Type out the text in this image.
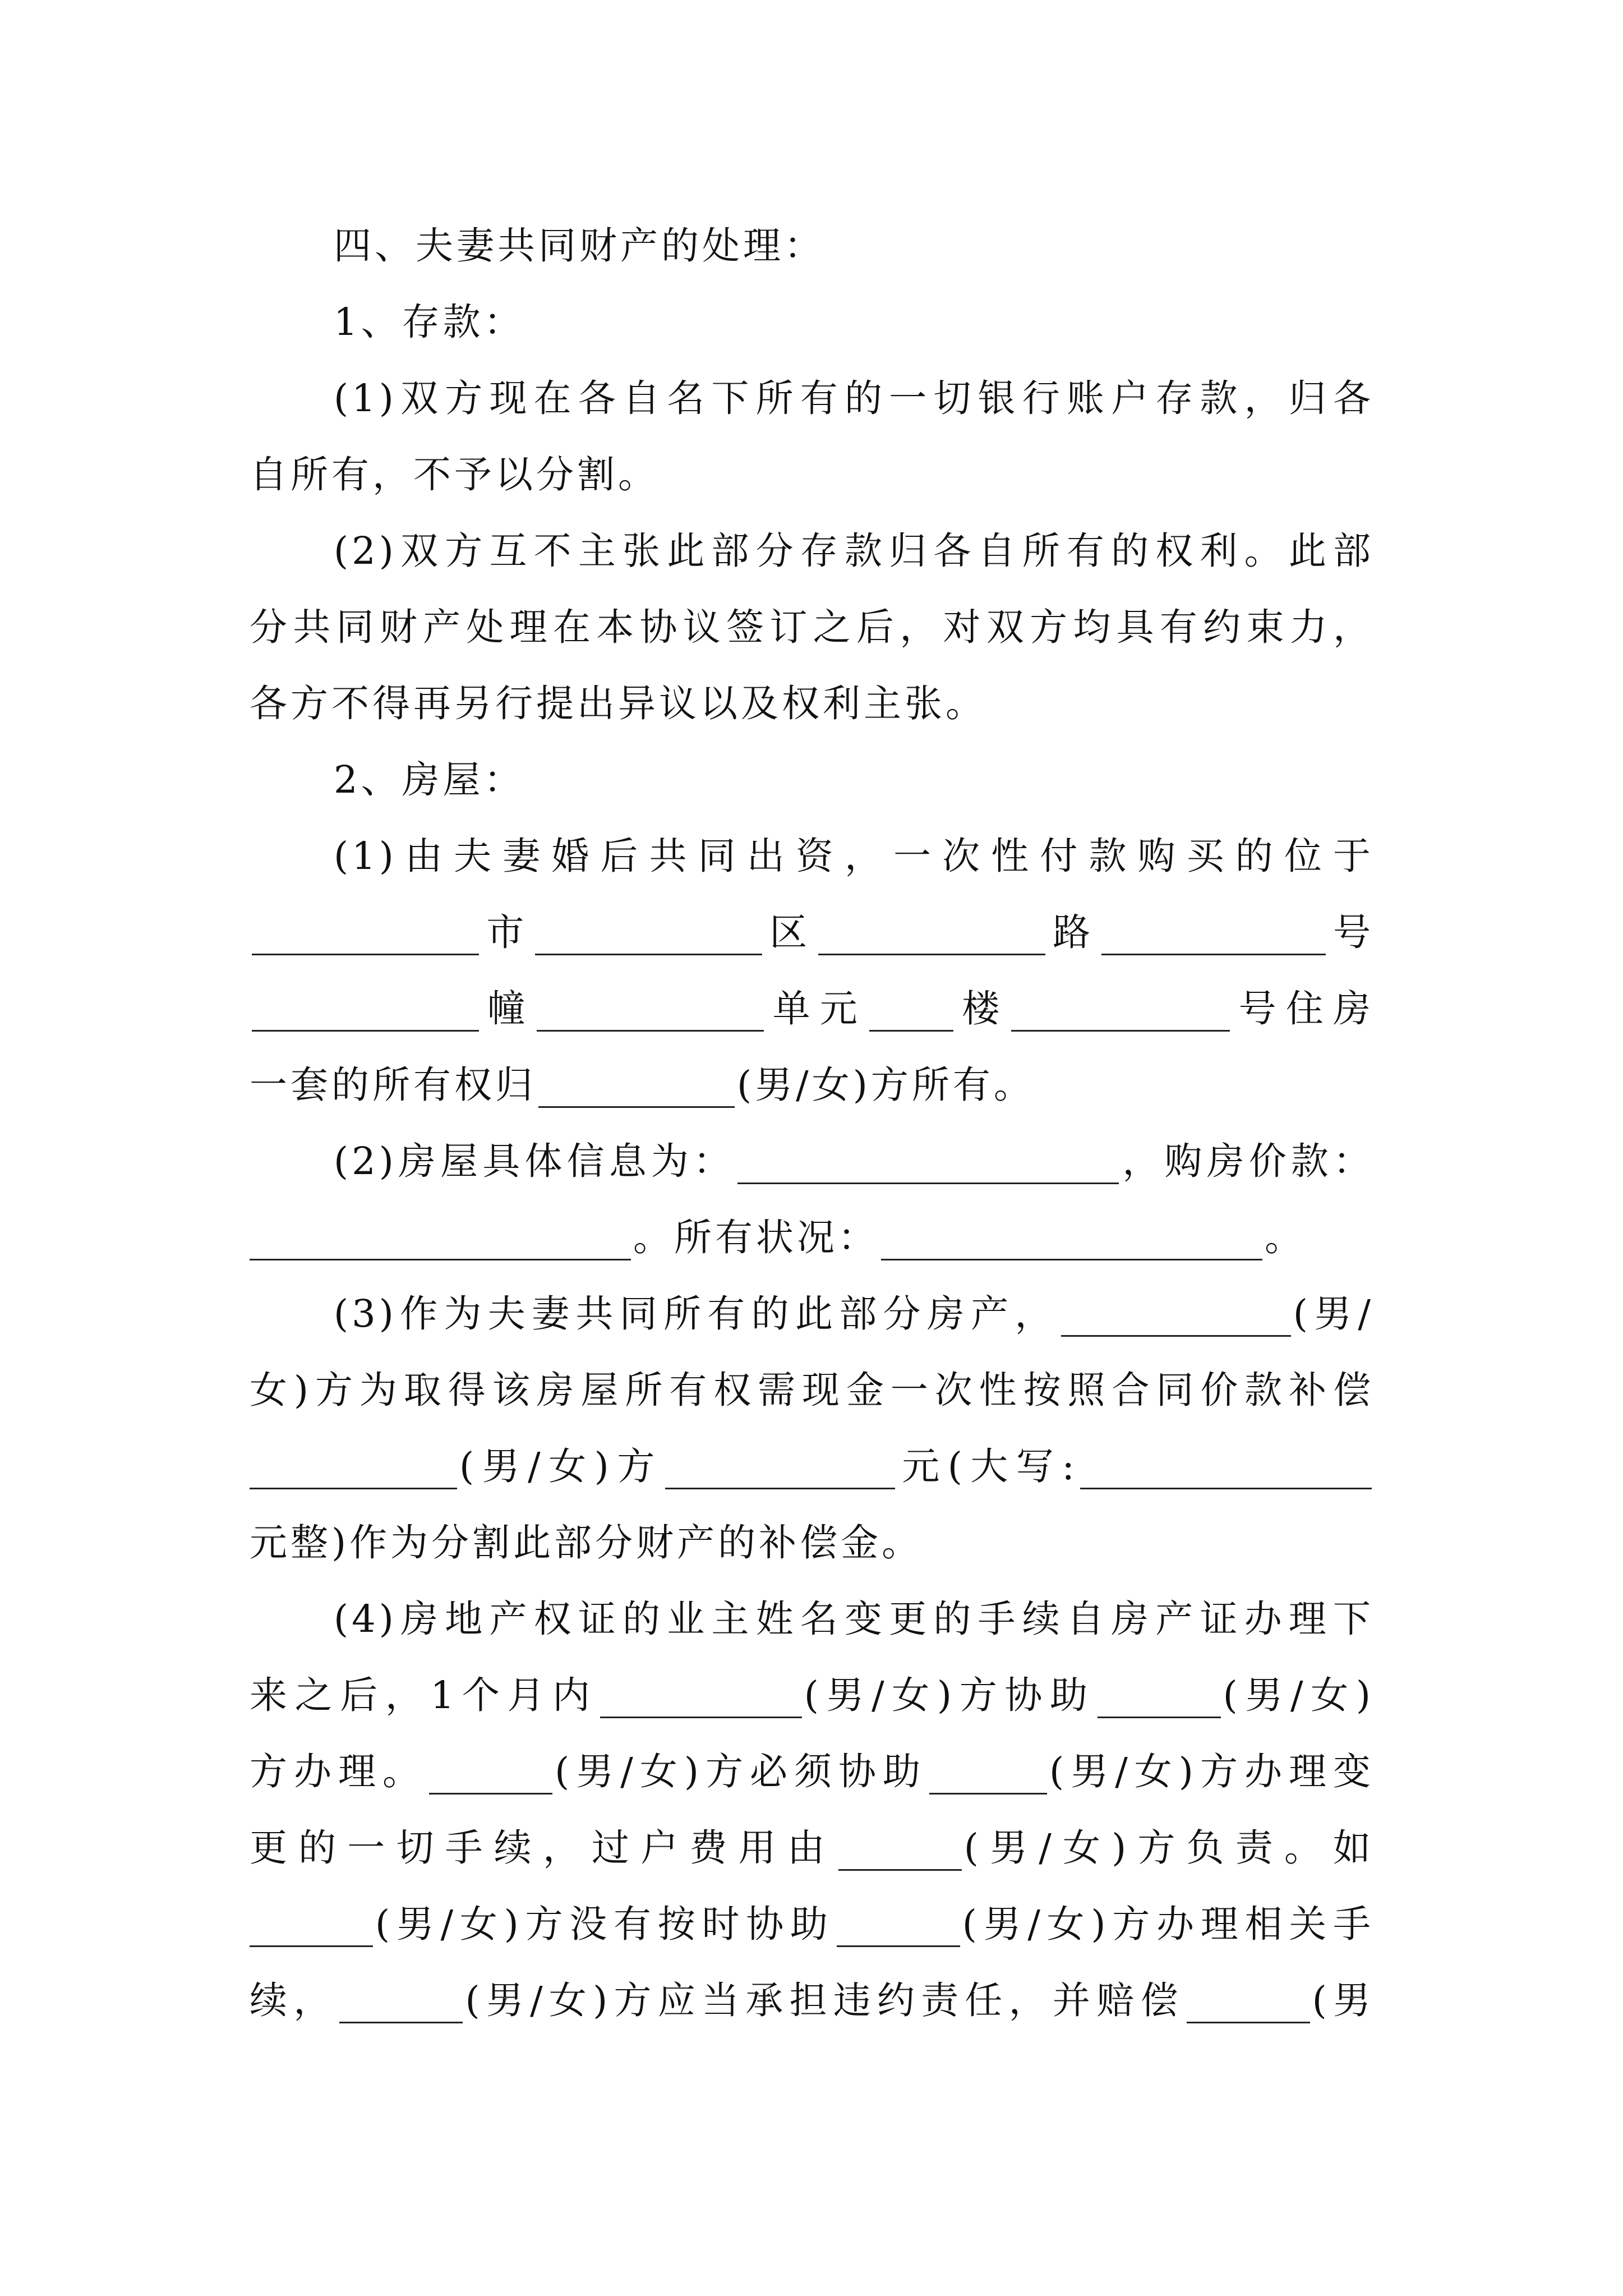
四、夫妻共同财产的处理：
1、存款：
(1)双方现在各自名下所有的一切银行账户存款，归各
自所有，不予以分割。
(2)双方互不主张此部分存款归各自所有的权利。此部
分共同财产处理在本协议签订之后，对双方均具有约束力，
各方不得再另行提出异议以及权利主张。
2、房屋：
(1)由夫妻婚后共同出资，一次性付款购买的位于
市	区	路	号
幢	单元 楼	号住房
一套的所有权归	(男/女)方所有。
(2)房屋具体信息为：	，购房价款：
。所有状况：	。
(3)作为夫妻共同所有的此部分房产，	(男/
女)方为取得该房屋所有权需现金一次性按照合同价款补偿
(男/女)方	元(大写:
元整)作为分割此部分财产的补偿金。
(4)房地产权证的业主姓名变更的手续自房产证办理下
来之后，1个月内	(男/女)方协助	(男/女)
方办理。	(男/女)方必须协助	(男/女)方办理变
更的一切手续，过户费用由	(男/女)方负责。如
(男/女)方没有按时协助	(男/女)方办理相关手
续，	(男/女)方应当承担违约责任，并赔偿	(男
